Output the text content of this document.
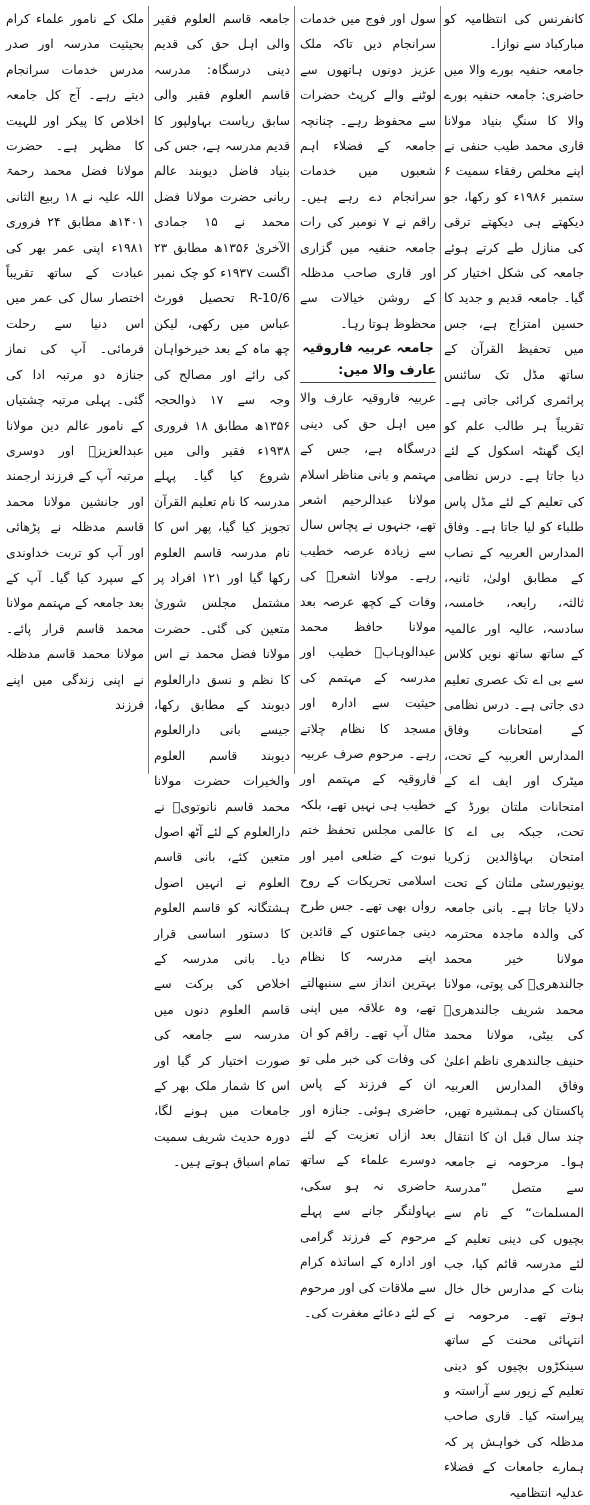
کانفرنس کی انتظامیہ کو مبارکباد سے نوازا۔

جامعہ حنفیہ بورے والا میں حاضری: جامعہ حنفیہ بورے والا کا سنگِ بنیاد مولانا قاری محمد طیب حنفی نے اپنے مخلص رفقاء سمیت ۶ ستمبر ۱۹۸۶ء کو رکھا، جو دیکھتے ہی دیکھتے ترقی کی منازل طے کرتے ہوئے جامعہ کی شکل اختیار کر گیا۔ جامعہ قدیم و جدید کا حسین امتزاج ہے، جس میں تحفیظ القرآن کے ساتھ مڈل تک سائنس پرائمری کرائی جاتی ہے۔ تقریباً ہر طالب علم کو ایک گھنٹہ اسکول کے لئے دیا جاتا ہے۔ درس نظامی کی تعلیم کے لئے مڈل پاس طلباء کو لیا جاتا ہے۔ وفاق المدارس العربیہ کے نصاب کے مطابق اولیٰ، ثانیہ، ثالثہ، رابعہ، خامسہ، سادسہ، عالیہ اور عالمیہ کے ساتھ ساتھ نویں کلاس سے بی اے تک عصری تعلیم دی جاتی ہے۔ درس نظامی کے امتحانات وفاق المدارس العربیہ کے تحت، میٹرک اور ایف اے کے امتحانات ملتان بورڈ کے تحت، جبکہ بی اے کا امتحان بہاؤالدین زکریا یونیورسٹی ملتان کے تحت دلایا جاتا ہے۔ بانی جامعہ کی والدہ ماجدہ محترمہ مولانا خیر محمد جالندھریؒ کی پوتی، مولانا محمد شریف جالندھریؒ کی بیٹی، مولانا محمد حنیف جالندھری ناظم اعلیٰ وفاق المدارس العربیہ پاکستان کی ہمشیرہ تھیں، چند سال قبل ان کا انتقال ہوا۔ مرحومہ نے جامعہ سے متصل ”مدرسۃ المسلمات“ کے نام سے بچیوں کی دینی تعلیم کے لئے مدرسہ قائم کیا، جب بنات کے مدارس خال خال ہوتے تھے۔ مرحومہ نے انتہائی محنت کے ساتھ سینکڑوں بچیوں کو دینی تعلیم کے زیور سے آراستہ و پیراستہ کیا۔ قاری صاحب مدظلہ کی خواہش پر کہ ہمارے جامعات کے فضلاء عدلیہ انتظامیہ

سول اور فوج میں خدمات سرانجام دیں تاکہ ملک عزیز دونوں ہاتھوں سے لوٹنے والے کرپٹ حضرات سے محفوظ رہے۔ چنانچہ جامعہ کے فضلاء اہم شعبوں میں خدمات سرانجام دے رہے ہیں۔ راقم نے ۷ نومبر کی رات جامعہ حنفیہ میں گزاری اور قاری صاحب مدظلہ کے روشن خیالات سے محظوظ ہوتا رہا۔

جامعہ عربیہ فاروقیہ عارف والا میں:

عربیہ فاروقیہ عارف والا میں اہل حق کی دینی درسگاہ ہے، جس کے مہتمم و بانی مناظر اسلام مولانا عبدالرحیم اشعر تھے، جنہوں نے پچاس سال سے زیادہ عرصہ خطیب رہے۔ مولانا اشعرؒ کی وفات کے کچھ عرصہ بعد مولانا حافظ محمد عبدالوہابؒ خطیب اور مدرسہ کے مہتمم کی حیثیت سے ادارہ اور مسجد کا نظام چلاتے رہے۔ مرحوم صرف عربیہ فاروقیہ کے مہتمم اور خطیب ہی نہیں تھے، بلکہ عالمی مجلس تحفظ ختم نبوت کے ضلعی امیر اور اسلامی تحریکات کے روح رواں بھی تھے۔ جس طرح دینی جماعتوں کے قائدین اپنے مدرسہ کا نظام بہترین انداز سے سنبھالتے تھے، وہ علاقہ میں اپنی مثال آپ تھے۔ راقم کو ان کی وفات کی خبر ملی تو ان کے فرزند کے پاس حاضری ہوئی۔ جنازہ اور بعد ازاں تعزیت کے لئے دوسرے علماء کے ساتھ حاضری نہ ہو سکی، بہاولنگر جانے سے پہلے مرحوم کے فرزند گرامی اور ادارہ کے اساتذہ کرام سے ملاقات کی اور مرحوم کے لئے دعائے مغفرت کی۔

جامعہ قاسم العلوم فقیر والی اہل حق کی قدیم دینی درسگاہ: مدرسہ قاسم العلوم فقیر والی سابق ریاست بہاولپور کا قدیم مدرسہ ہے، جس کی بنیاد فاضل دیوبند عالم ربانی حضرت مولانا فضل محمد نے ۱۵ جمادی الآخریٰ ۱۳۵۶ھ مطابق ۲۳ اگست ۱۹۳۷ء کو چک نمبر R-10/6 تحصیل فورٹ عباس میں رکھی، لیکن چھ ماہ کے بعد خیرخواہان کی رائے اور مصالح کی وجہ سے ۱۷ ذوالحجہ ۱۳۵۶ھ مطابق ۱۸ فروری ۱۹۳۸ء فقیر والی میں شروع کیا گیا۔ پہلے مدرسہ کا نام تعلیم القرآن تجویز کیا گیا، پھر اس کا نام مدرسہ قاسم العلوم رکھا گیا اور ۱۲۱ افراد پر مشتمل مجلس شوریٰ متعین کی گئی۔ حضرت مولانا فضل محمد نے اس کا نظم و نسق دارالعلوم دیوبند کے مطابق رکھا، جیسے بانی دارالعلوم دیوبند قاسم العلوم والخیرات حضرت مولانا محمد قاسم نانوتویؒ نے دارالعلوم کے لئے آٹھ اصول متعین کئے، بانی قاسم العلوم نے انہیں اصول ہشتگانہ کو قاسم العلوم کا دستور اساسی قرار دیا۔ بانی مدرسہ کے اخلاص کی برکت سے قاسم العلوم دنوں میں مدرسہ سے جامعہ کی صورت اختیار کر گیا اور اس کا شمار ملک بھر کے جامعات میں ہونے لگا، دورہ حدیث شریف سمیت تمام اسباق ہوتے ہیں۔

ملک کے نامور علماء کرام بحیثیت مدرسہ اور صدر مدرس خدمات سرانجام دیتے رہے۔ آج کل جامعہ اخلاص کا پیکر اور للہیت کا مظہر ہے۔ حضرت مولانا فضل محمد رحمۃ اللہ علیہ نے ۱۸ ربیع الثانی ۱۴۰۱ھ مطابق ۲۴ فروری ۱۹۸۱ء اپنی عمر بھر کی عبادت کے ساتھ تقریباً اختصار سال کی عمر میں اس دنیا سے رحلت فرمائی۔ آپ کی نماز جنازہ دو مرتبہ ادا کی گئی۔ پہلی مرتبہ چشتیاں کے نامور عالم دین مولانا عبدالعزیزؒ اور دوسری مرتبہ آپ کے فرزند ارجمند اور جانشین مولانا محمد قاسم مدظلہ نے پڑھائی اور آپ کو تربت خداوندی کے سپرد کیا گیا۔ آپ کے بعد جامعہ کے مہتمم مولانا محمد قاسم قرار پائے۔ مولانا محمد قاسم مدظلہ نے اپنی زندگی میں اپنے فرزند
